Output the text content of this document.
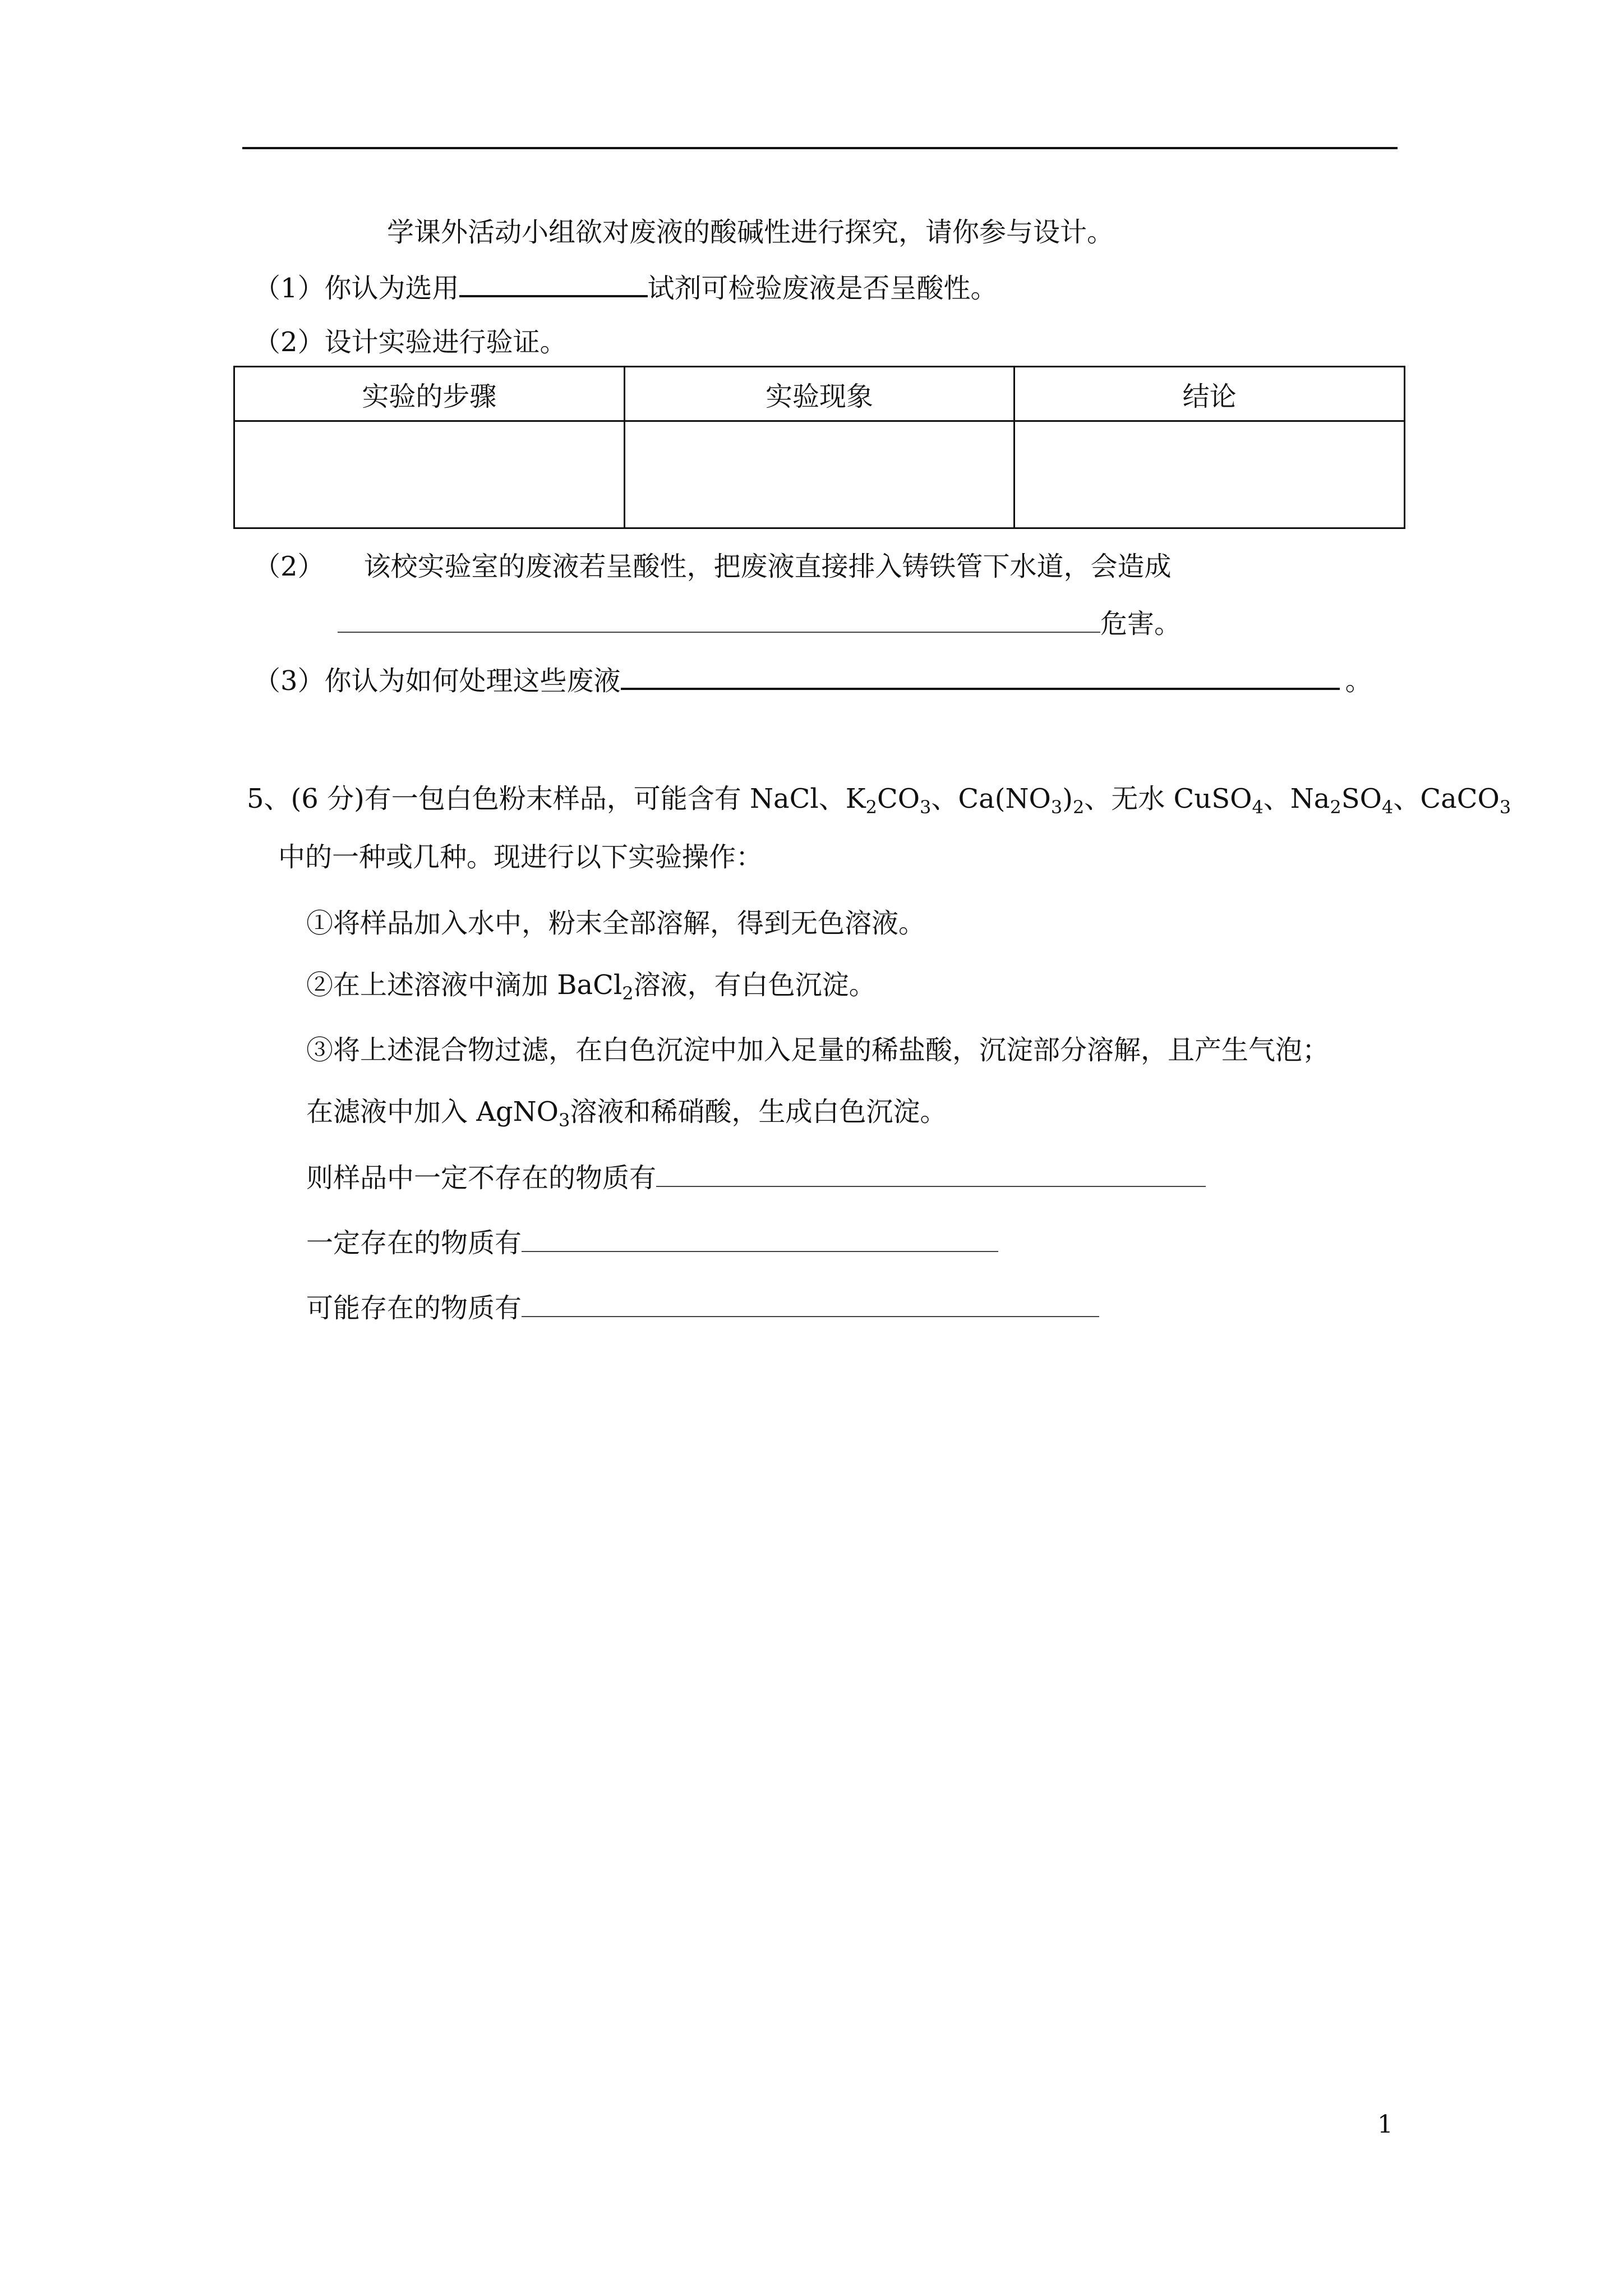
学课外活动小组欲对废液的酸碱性进行探究，请你参与设计。
（1）你认为选用	试剂可检验废液是否呈酸性。
（2）设计实验进行验证。
实验的步骤	实验现象	结论

（2） 该校实验室的废液若呈酸性，把废液直接排入铸铁管下水道，会造成
危害。
（3）你认为如何处理这些废液	。
5、(6 分)有一包白色粉末样品，可能含有 NaCl、$K_2CO_3$、$Ca(NO_3)_2$、无水 CuSO$_4$、$Na_2SO_4$、CaCO$_3$
中的一种或几种。现进行以下实验操作：
①将样品加入水中，粉末全部溶解，得到无色溶液。
②在上述溶液中滴加 BaCl$_2$溶液，有白色沉淀。
③将上述混合物过滤，在白色沉淀中加入足量的稀盐酸，沉淀部分溶解，且产生气泡；
在滤液中加入 AgNO$_3$溶液和稀硝酸，生成白色沉淀。
则样品中一定不存在的物质有
一定存在的物质有
可能存在的物质有
1
